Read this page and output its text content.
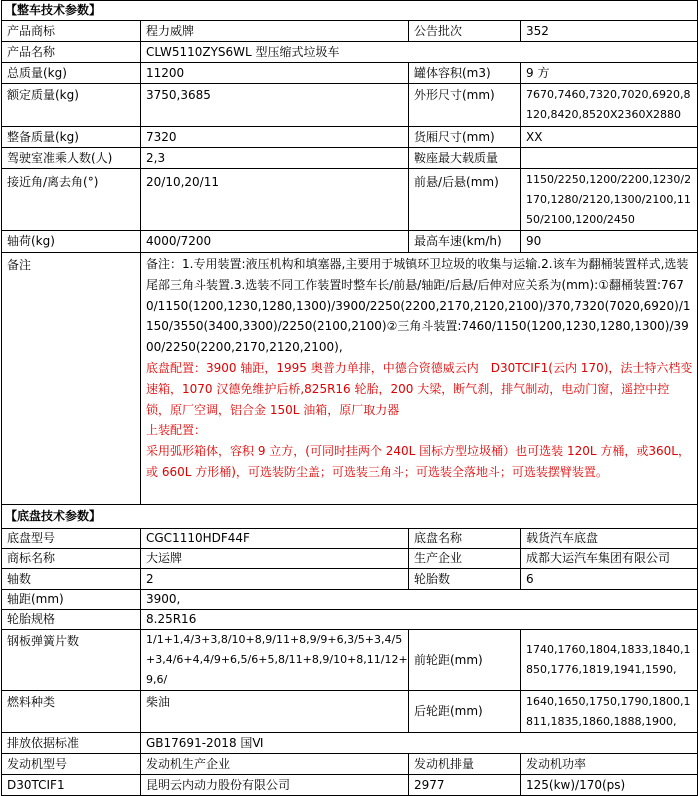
【整车技术参数】			
产品商标	程力威牌	公告批次	352
产品名称	CLW5110ZYS6WL 型压缩式垃圾车		
总质量(kg)	11200	罐体容积(m3)	9 方
额定质量(kg)	3750,3685	外形尺寸(mm)	7670,7460,7320,7020,6920,8120,8420,8520X2360X2880
整备质量(kg)	7320	货厢尺寸(mm)	XX
驾驶室准乘人数(人)	2,3	鞍座最大载质量	
接近角/离去角(°)	20/10,20/11	前悬/后悬(mm)	1150/2250,1200/2200,1230/2170,1280/2120,1300/2100,1150/2100,1200/2450
轴荷(kg)	4000/7200	最高车速(km/h)	90
备注	备注：1.专用装置:液压机构和填塞器,主要用于城镇环卫垃圾的收集与运输.2.该车为翻桶装置样式,选装尾部三角斗装置.3.选装不同工作装置时整车长/前悬/轴距/后悬/后伸对应关系为(mm):①翻桶装置:7670/1150(1200,1230,1280,1300)/3900/2250(2200,2170,2120,2100)/370,7320(7020,6920)/1150/3550(3400,3300)/2250(2100,2100)②三角斗装置:7460/1150(1200,1230,1280,1300)/3900/2250(2200,2170,2120,2100),
底盘配置：3900 轴距，1995 奥普力单排，中德合资德威云内　D30TCIF1(云内 170)，法士特六档变速箱，1070 汉德免维护后桥,825R16 轮胎，200 大梁，断气刹，排气制动，电动门窗，遥控中控锁，原厂空调，铝合金 150L 油箱，原厂取力器
上装配置：
采用弧形箱体，容积 9 立方，(可同时挂两个 240L 国标方型垃圾桶）也可选装 120L 方桶，或360L，或 660L 方形桶)，可选装防尘盖；可选装三角斗；可选装全落地斗；可选装摆臂装置。		

【底盘技术参数】			
底盘型号	CGC1110HDF44F	底盘名称	载货汽车底盘
商标名称	大运牌	生产企业	成都大运汽车集团有限公司
轴数	2	轮胎数	6
轴距(mm)	3900,		
轮胎规格	8.25R16		
钢板弹簧片数	1/1+1,4/3+3,8/10+8,9/11+8,9/9+6,3/5+3,4/5+3,4/6+4,4/9+6,5/6+5,8/11+8,9/10+8,11/12+9,6/	前轮距(mm)	1740,1760,1804,1833,1840,1850,1776,1819,1941,1590,
燃料种类	柴油	后轮距(mm)	1640,1650,1750,1790,1800,1811,1835,1860,1888,1900,
排放依据标准	GB17691-2018 国Ⅵ		
发动机型号	发动机生产企业	发动机排量	发动机功率
D30TCIF1	昆明云内动力股份有限公司	2977	125(kw)/170(ps)
